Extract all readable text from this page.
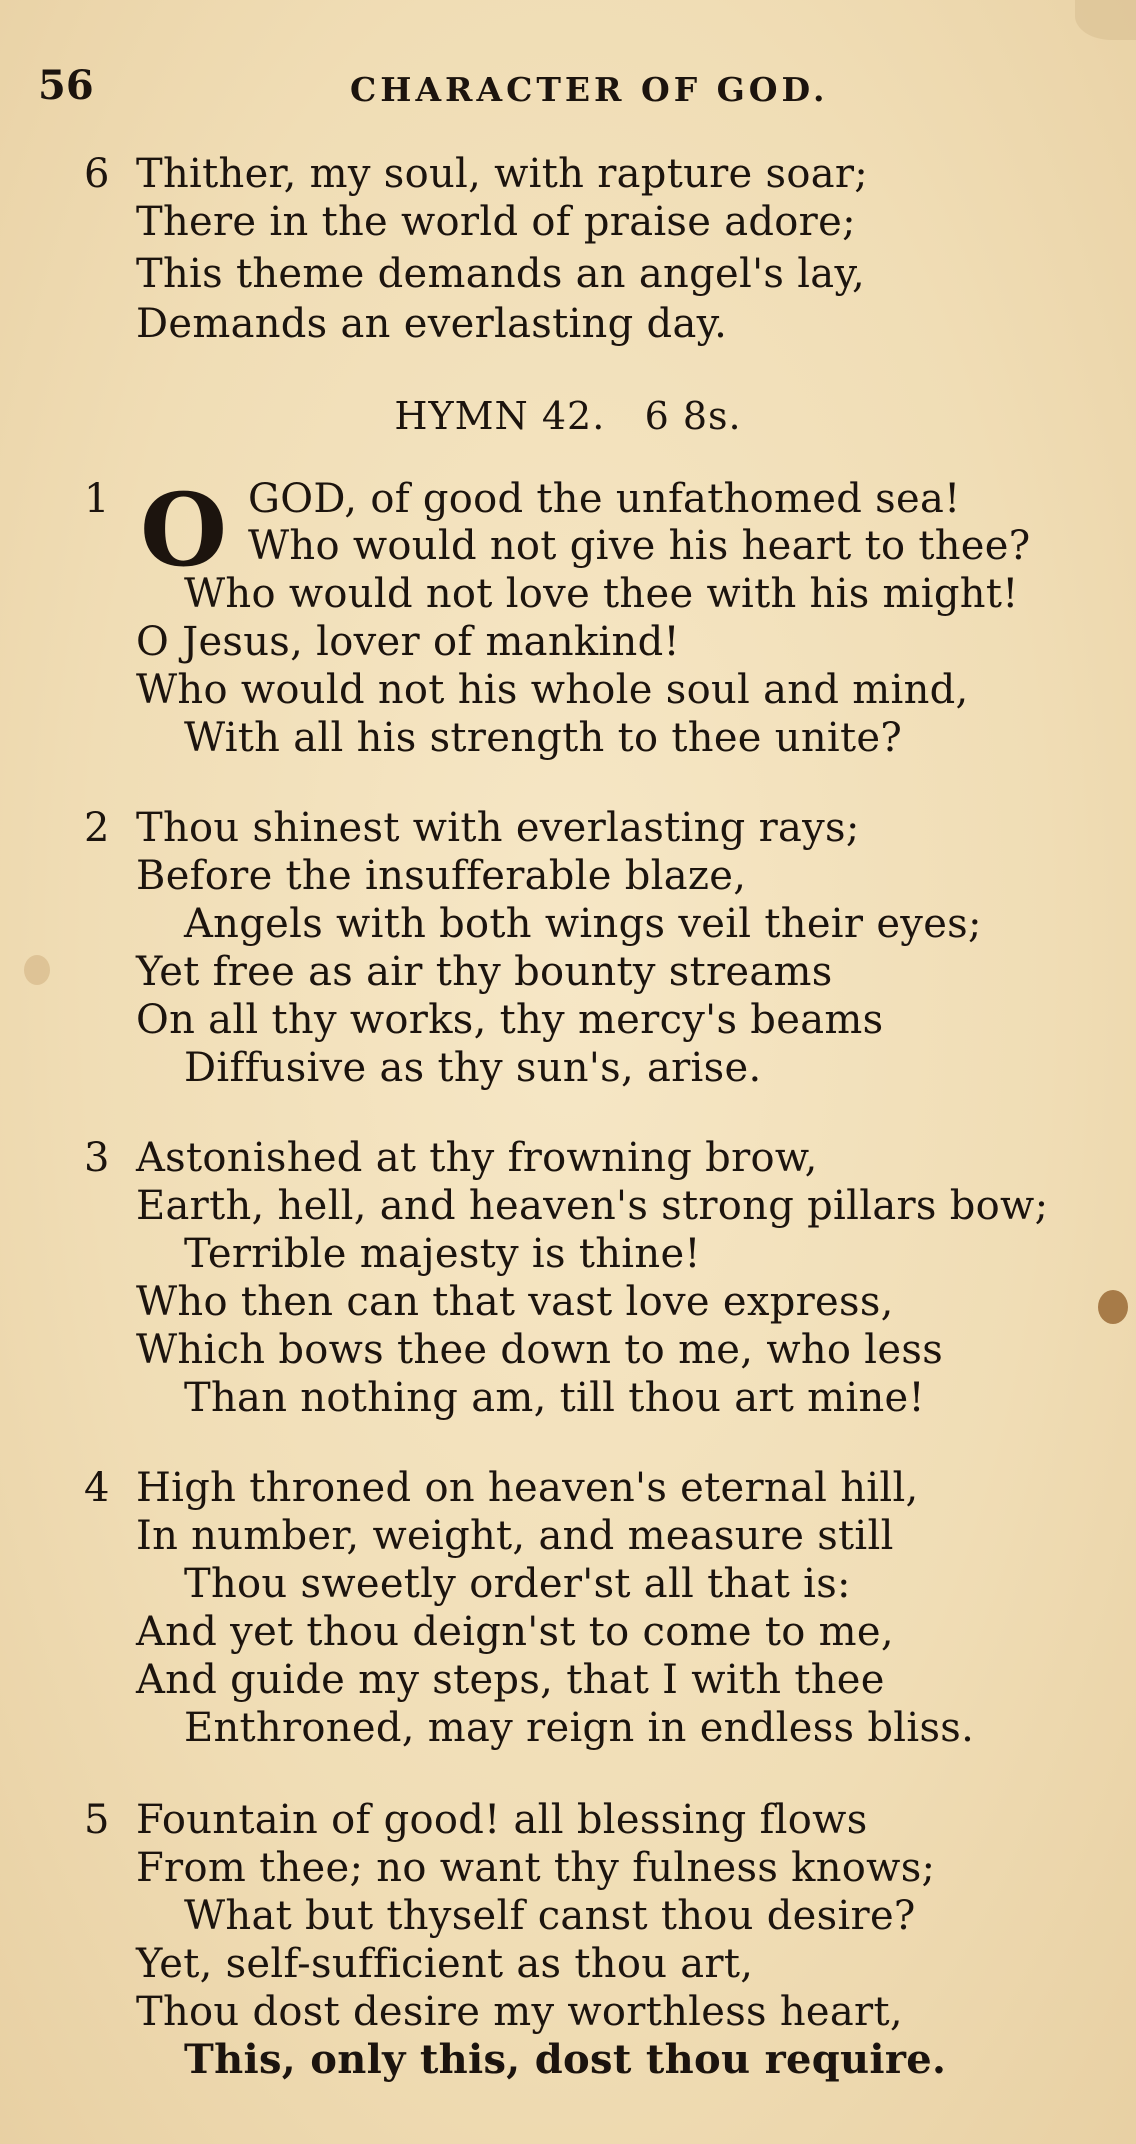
56	CHARACTER OF GOD.
6 Thither, my soul, with rapture soar;
There in the world of praise adore;
This theme demands an angel's lay,
Demands an everlasting day.
HYMN 42. 6 8s.
1 O GOD, of good the unfathomed sea!
Who would not give his heart to thee?
Who would not love thee with his might!
O Jesus, lover of mankind!
Who would not his whole soul and mind,
With all his strength to thee unite?
2 Thou shinest with everlasting rays;
Before the insufferable blaze,
Angels with both wings veil their eyes;
Yet free as air thy bounty streams
On all thy works, thy mercy's beams
Diffusive as thy sun's, arise.
3 Astonished at thy frowning brow,
Earth, hell, and heaven's strong pillars bow;
Terrible majesty is thine!
Who then can that vast love express,
Which bows thee down to me, who less
Than nothing am, till thou art mine!
4 High throned on heaven's eternal hill,
In number, weight, and measure still
Thou sweetly order'st all that is:
And yet thou deign'st to come to me,
And guide my steps, that I with thee
Enthroned, may reign in endless bliss.
5 Fountain of good! all blessing flows
From thee; no want thy fulness knows;
What but thyself canst thou desire?
Yet, self-sufficient as thou art,
Thou dost desire my worthless heart,
This, only this, dost thou require.
